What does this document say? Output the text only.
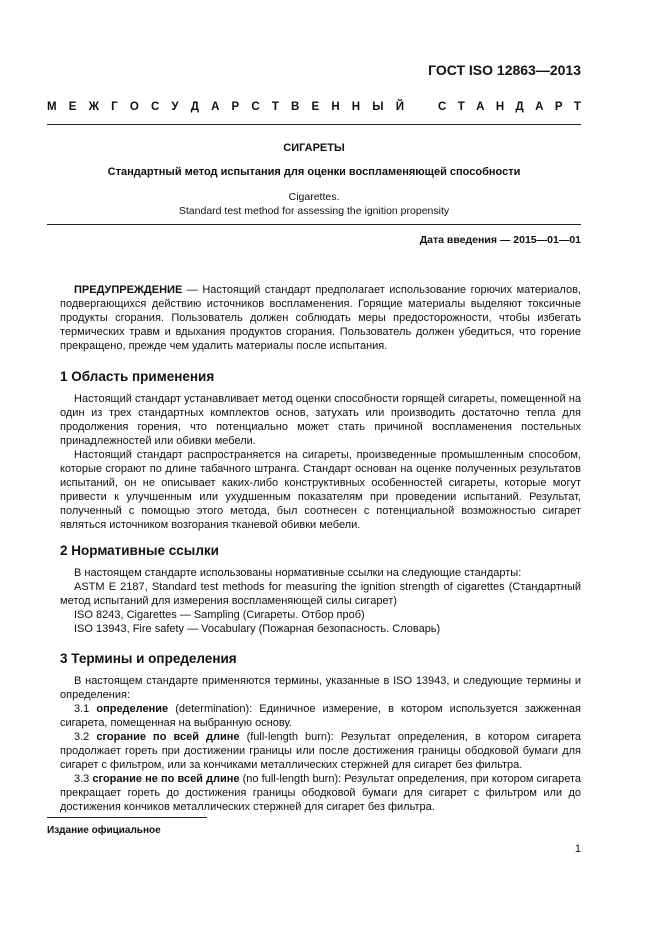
ГОСТ ISO 12863—2013
М Е Ж Г О С У Д А Р С Т В Е Н Н Ы Й	С Т А Н Д А Р Т
СИГАРЕТЫ
Стандартный метод испытания для оценки воспламеняющей способности
Cigarettes.
Standard test method for assessing the ignition propensity
Дата введения — 2015—01—01
ПРЕДУПРЕЖДЕНИЕ — Настоящий стандарт предполагает использование горючих материалов, подвергающихся действию источников воспламенения. Горящие материалы выделяют токсичные продукты сгорания. Пользователь должен соблюдать меры предосторожности, чтобы избегать термических травм и вдыхания продуктов сгорания. Пользователь должен убедиться, что горение прекращено, прежде чем удалить материалы после испытания.
1 Область применения
Настоящий стандарт устанавливает метод оценки способности горящей сигареты, помещенной на один из трех стандартных комплектов основ, затухать или производить достаточно тепла для продолжения горения, что потенциально может стать причиной воспламенения постельных принадлежностей или обивки мебели.
Настоящий стандарт распространяется на сигареты, произведенные промышленным способом, которые сгорают по длине табачного штранга. Стандарт основан на оценке полученных результатов испытаний, он не описывает каких-либо конструктивных особенностей сигареты, которые могут привести к улучшенным или ухудшенным показателям при проведении испытаний. Результат, полученный с помощью этого метода, был соотнесен с потенциальной возможностью сигарет являться источником возгорания тканевой обивки мебели.
2 Нормативные ссылки
В настоящем стандарте использованы нормативные ссылки на следующие стандарты:
ASTM E 2187, Standard test methods for measuring the ignition strength of cigarettes (Стандартный метод испытаний для измерения воспламеняющей силы сигарет)
ISO 8243, Cigarettes — Sampling (Сигареты. Отбор проб)
ISO 13943, Fire safety — Vocabulary (Пожарная безопасность. Словарь)
3 Термины и определения
В настоящем стандарте применяются термины, указанные в ISO 13943, и следующие термины и определения:
3.1 определение (determination): Единичное измерение, в котором используется зажженная сигарета, помещенная на выбранную основу.
3.2 сгорание по всей длине (full-length burn): Результат определения, в котором сигарета продолжает гореть при достижении границы или после достижения границы ободковой бумаги для сигарет с фильтром, или за кончиками металлических стержней для сигарет без фильтра.
3.3 сгорание не по всей длине (no full-length burn): Результат определения, при котором сигарета прекращает гореть до достижения границы ободковой бумаги для сигарет с фильтром или до достижения кончиков металлических стержней для сигарет без фильтра.
Издание официальное
1
